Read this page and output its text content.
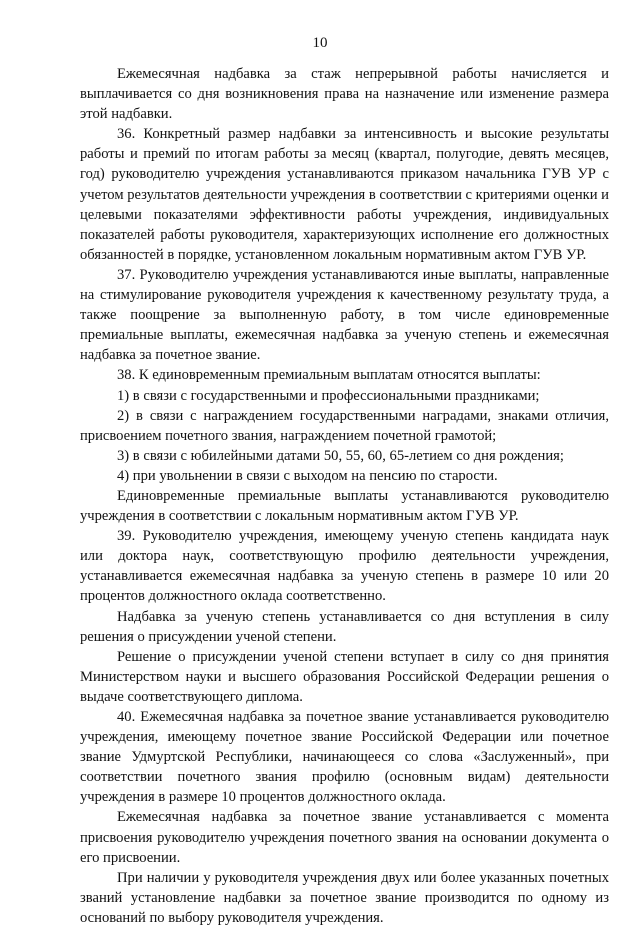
10

Ежемесячная надбавка за стаж непрерывной работы начисляется и выплачивается со дня возникновения права на назначение или изменение размера этой надбавки.

36. Конкретный размер надбавки за интенсивность и высокие результаты работы и премий по итогам работы за месяц (квартал, полугодие, девять месяцев, год) руководителю учреждения устанавливаются приказом начальника ГУВ УР с учетом результатов деятельности учреждения в соответствии с критериями оценки и целевыми показателями эффективности работы учреждения, индивидуальных показателей работы руководителя, характеризующих исполнение его должностных обязанностей в порядке, установленном локальным нормативным актом ГУВ УР.

37. Руководителю учреждения устанавливаются иные выплаты, направленные на стимулирование руководителя учреждения к качественному результату труда, а также поощрение за выполненную работу, в том числе единовременные премиальные выплаты, ежемесячная надбавка за ученую степень и ежемесячная надбавка за почетное звание.

38. К единовременным премиальным выплатам относятся выплаты:

1) в связи с государственными и профессиональными праздниками;

2) в связи с награждением государственными наградами, знаками отличия, присвоением почетного звания, награждением почетной грамотой;

3) в связи с юбилейными датами 50, 55, 60, 65-летием со дня рождения;

4) при увольнении в связи с выходом на пенсию по старости.

Единовременные премиальные выплаты устанавливаются руководителю учреждения в соответствии с локальным нормативным актом ГУВ УР.

39. Руководителю учреждения, имеющему ученую степень кандидата наук или доктора наук, соответствующую профилю деятельности учреждения, устанавливается ежемесячная надбавка за ученую степень в размере 10 или 20 процентов должностного оклада соответственно.

Надбавка за ученую степень устанавливается со дня вступления в силу решения о присуждении ученой степени.

Решение о присуждении ученой степени вступает в силу со дня принятия Министерством науки и высшего образования Российской Федерации решения о выдаче соответствующего диплома.

40. Ежемесячная надбавка за почетное звание устанавливается руководителю учреждения, имеющему почетное звание Российской Федерации или почетное звание Удмуртской Республики, начинающееся со слова «Заслуженный», при соответствии почетного звания профилю (основным видам) деятельности учреждения в размере 10 процентов должностного оклада.

Ежемесячная надбавка за почетное звание устанавливается с момента присвоения руководителю учреждения почетного звания на основании документа о его присвоении.

При наличии у руководителя учреждения двух или более указанных почетных званий установление надбавки за почетное звание производится по одному из оснований по выбору руководителя учреждения.
